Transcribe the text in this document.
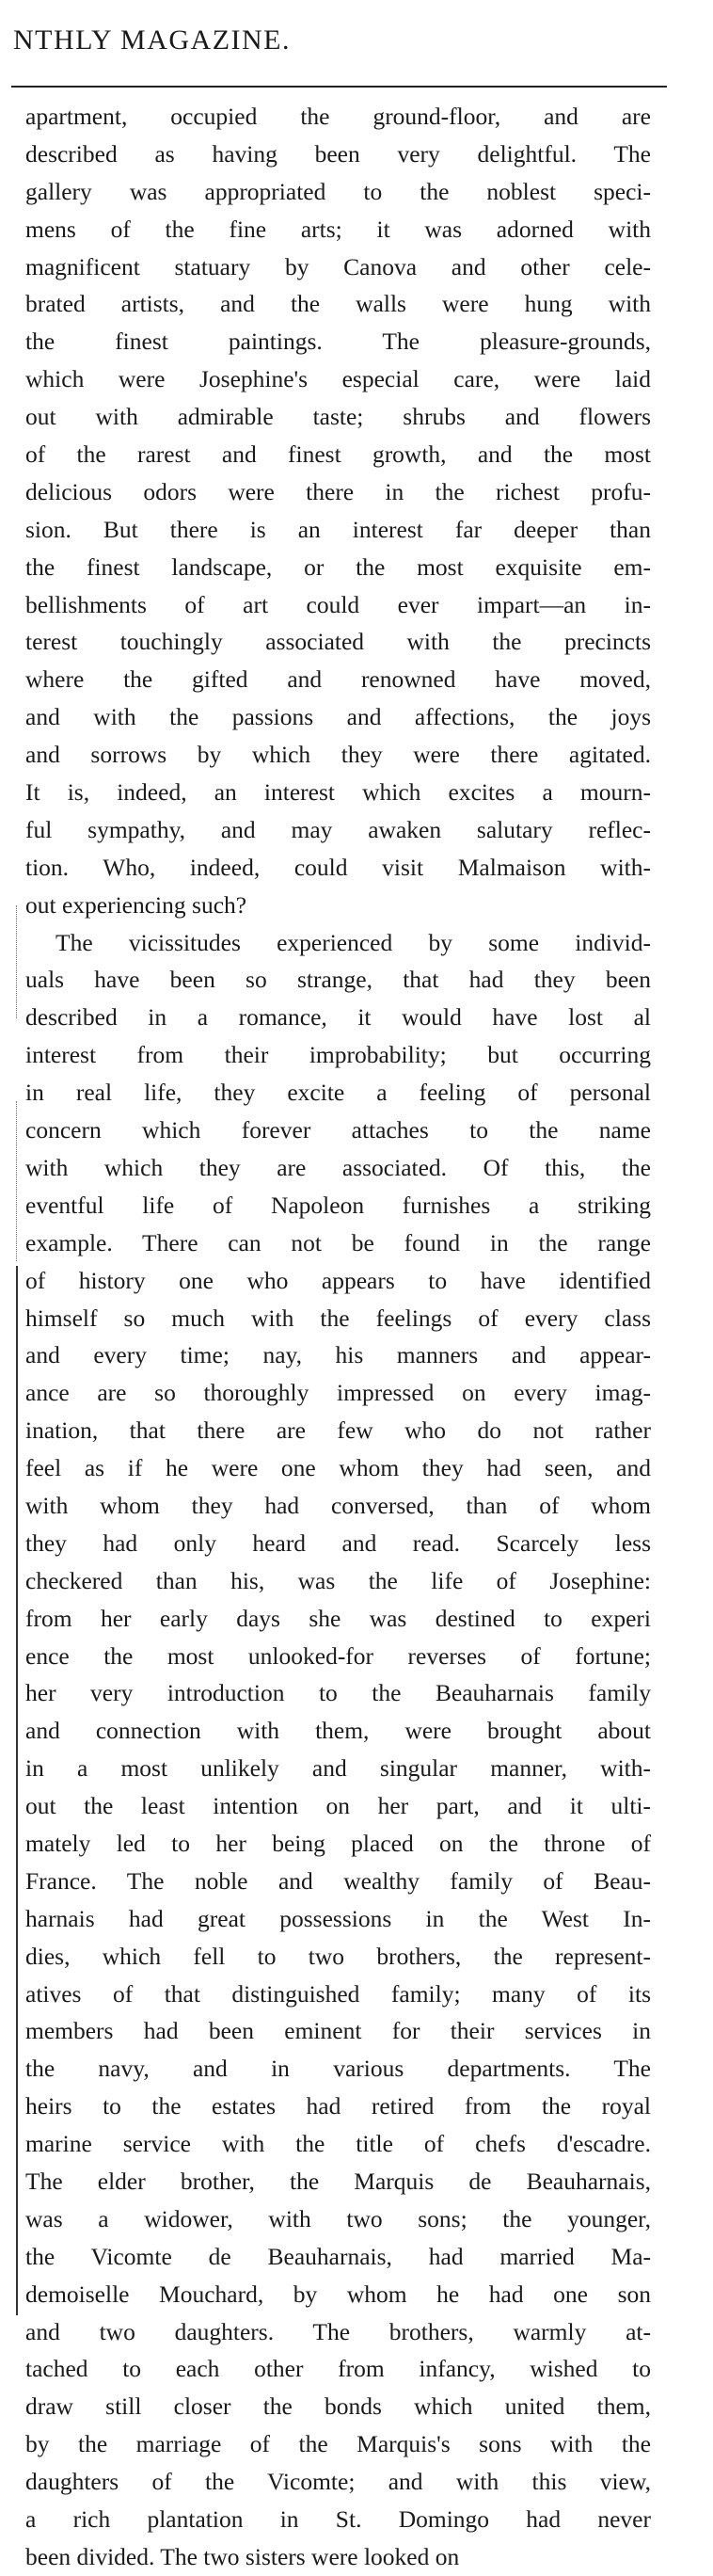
NTHLY MAGAZINE.
apartment, occupied the ground-floor, and are
described as having been very delightful. The
gallery was appropriated to the noblest speci-
mens of the fine arts; it was adorned with
magnificent statuary by Canova and other cele-
brated artists, and the walls were hung with
the finest paintings. The pleasure-grounds,
which were Josephine's especial care, were laid
out with admirable taste; shrubs and flowers
of the rarest and finest growth, and the most
delicious odors were there in the richest profu-
sion. But there is an interest far deeper than
the finest landscape, or the most exquisite em-
bellishments of art could ever impart—an in-
terest touchingly associated with the precincts
where the gifted and renowned have moved,
and with the passions and affections, the joys
and sorrows by which they were there agitated.
It is, indeed, an interest which excites a mourn-
ful sympathy, and may awaken salutary reflec-
tion. Who, indeed, could visit Malmaison with-
out experiencing such?
The vicissitudes experienced by some individ-
uals have been so strange, that had they been
described in a romance, it would have lost al
interest from their improbability; but occurring
in real life, they excite a feeling of personal
concern which forever attaches to the name
with which they are associated. Of this, the
eventful life of Napoleon furnishes a striking
example. There can not be found in the range
of history one who appears to have identified
himself so much with the feelings of every class
and every time; nay, his manners and appear-
ance are so thoroughly impressed on every imag-
ination, that there are few who do not rather
feel as if he were one whom they had seen, and
with whom they had conversed, than of whom
they had only heard and read. Scarcely less
checkered than his, was the life of Josephine:
from her early days she was destined to experi
ence the most unlooked-for reverses of fortune;
her very introduction to the Beauharnais family
and connection with them, were brought about
in a most unlikely and singular manner, with-
out the least intention on her part, and it ulti-
mately led to her being placed on the throne of
France. The noble and wealthy family of Beau-
harnais had great possessions in the West In-
dies, which fell to two brothers, the represent-
atives of that distinguished family; many of its
members had been eminent for their services in
the navy, and in various departments. The
heirs to the estates had retired from the royal
marine service with the title of chefs d'escadre.
The elder brother, the Marquis de Beauharnais,
was a widower, with two sons; the younger,
the Vicomte de Beauharnais, had married Ma-
demoiselle Mouchard, by whom he had one son
and two daughters. The brothers, warmly at-
tached to each other from infancy, wished to
draw still closer the bonds which united them,
by the marriage of the Marquis's sons with the
daughters of the Vicomte; and with this view,
a rich plantation in St. Domingo had never
been divided. The two sisters were looked on
